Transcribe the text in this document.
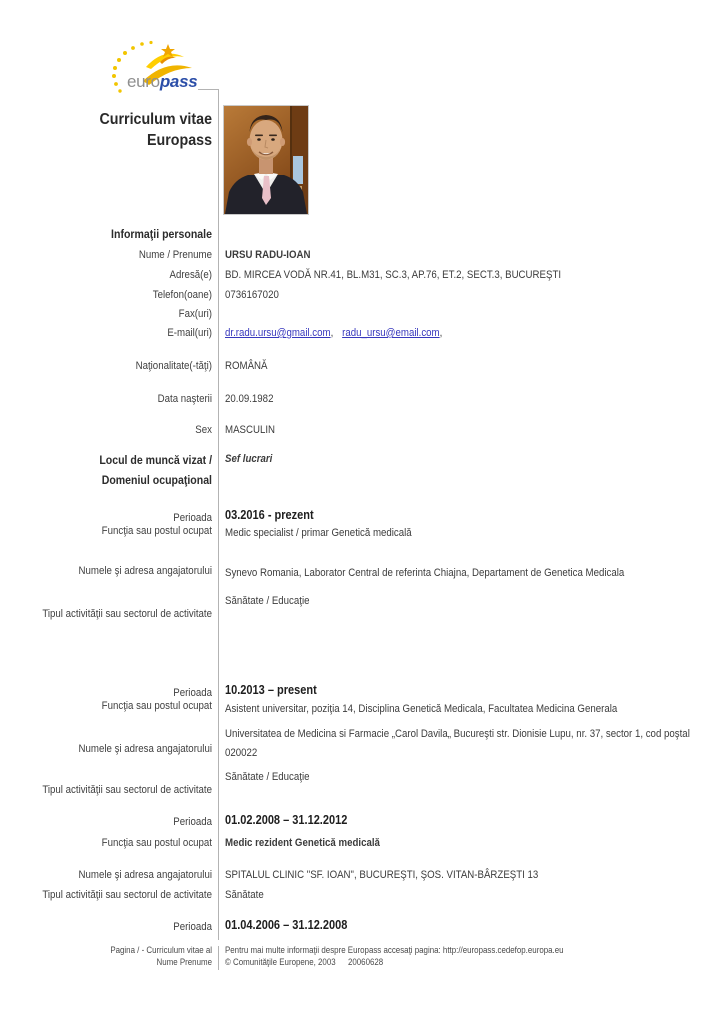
europass
Curriculum vitae
Europass
Informaţii personale
Nume / Prenume URSU RADU-IOAN
Adresă(e) BD. MIRCEA VODĂ NR.41, BL.M31, SC.3, AP.76, ET.2, SECT.3, BUCUREŞTI
Telefon(oane) 0736167020
Fax(uri)
E-mail(uri) dr.radu.ursu@gmail.com, radu_ursu@email.com,
Naţionalitate(-tăţi) ROMÂNĂ
Data naşterii 20.09.1982
Sex MASCULIN
Locul de muncă vizat /
Domeniul ocupaţional
Sef lucrari
Perioada 03.2016 - prezent
Funcţia sau postul ocupat Medic specialist / primar Genetică medicală
Numele şi adresa angajatorului Synevo Romania, Laborator Central de referinta Chiajna, Departament de Genetica Medicala
Sănătate / Educaţie
Tipul activităţii sau sectorul de activitate
Perioada 10.2013 – present
Funcţia sau postul ocupat Asistent universitar, poziţia 14, Disciplina Genetică Medicala, Facultatea Medicina Generala
Universitatea de Medicina si Farmacie „Carol Davila„ Bucureşti str. Dionisie Lupu, nr. 37, sector 1, cod poştal 020022
Numele şi adresa angajatorului
Sănătate / Educaţie
Tipul activităţii sau sectorul de activitate
Perioada 01.02.2008 – 31.12.2012
Funcţia sau postul ocupat Medic rezident Genetică medicală
Numele şi adresa angajatorului SPITALUL CLINIC "SF. IOAN", BUCUREŞTI, ŞOS. VITAN-BÂRZEŞTI 13
Tipul activităţii sau sectorul de activitate Sănătate
Perioada 01.04.2006 – 31.12.2008
Pagina / - Curriculum vitae al
Nume Prenume
Pentru mai multe informaţii despre Europass accesaţi pagina: http://europass.cedefop.europa.eu
© Comunităţile Europene, 2003 20060628
